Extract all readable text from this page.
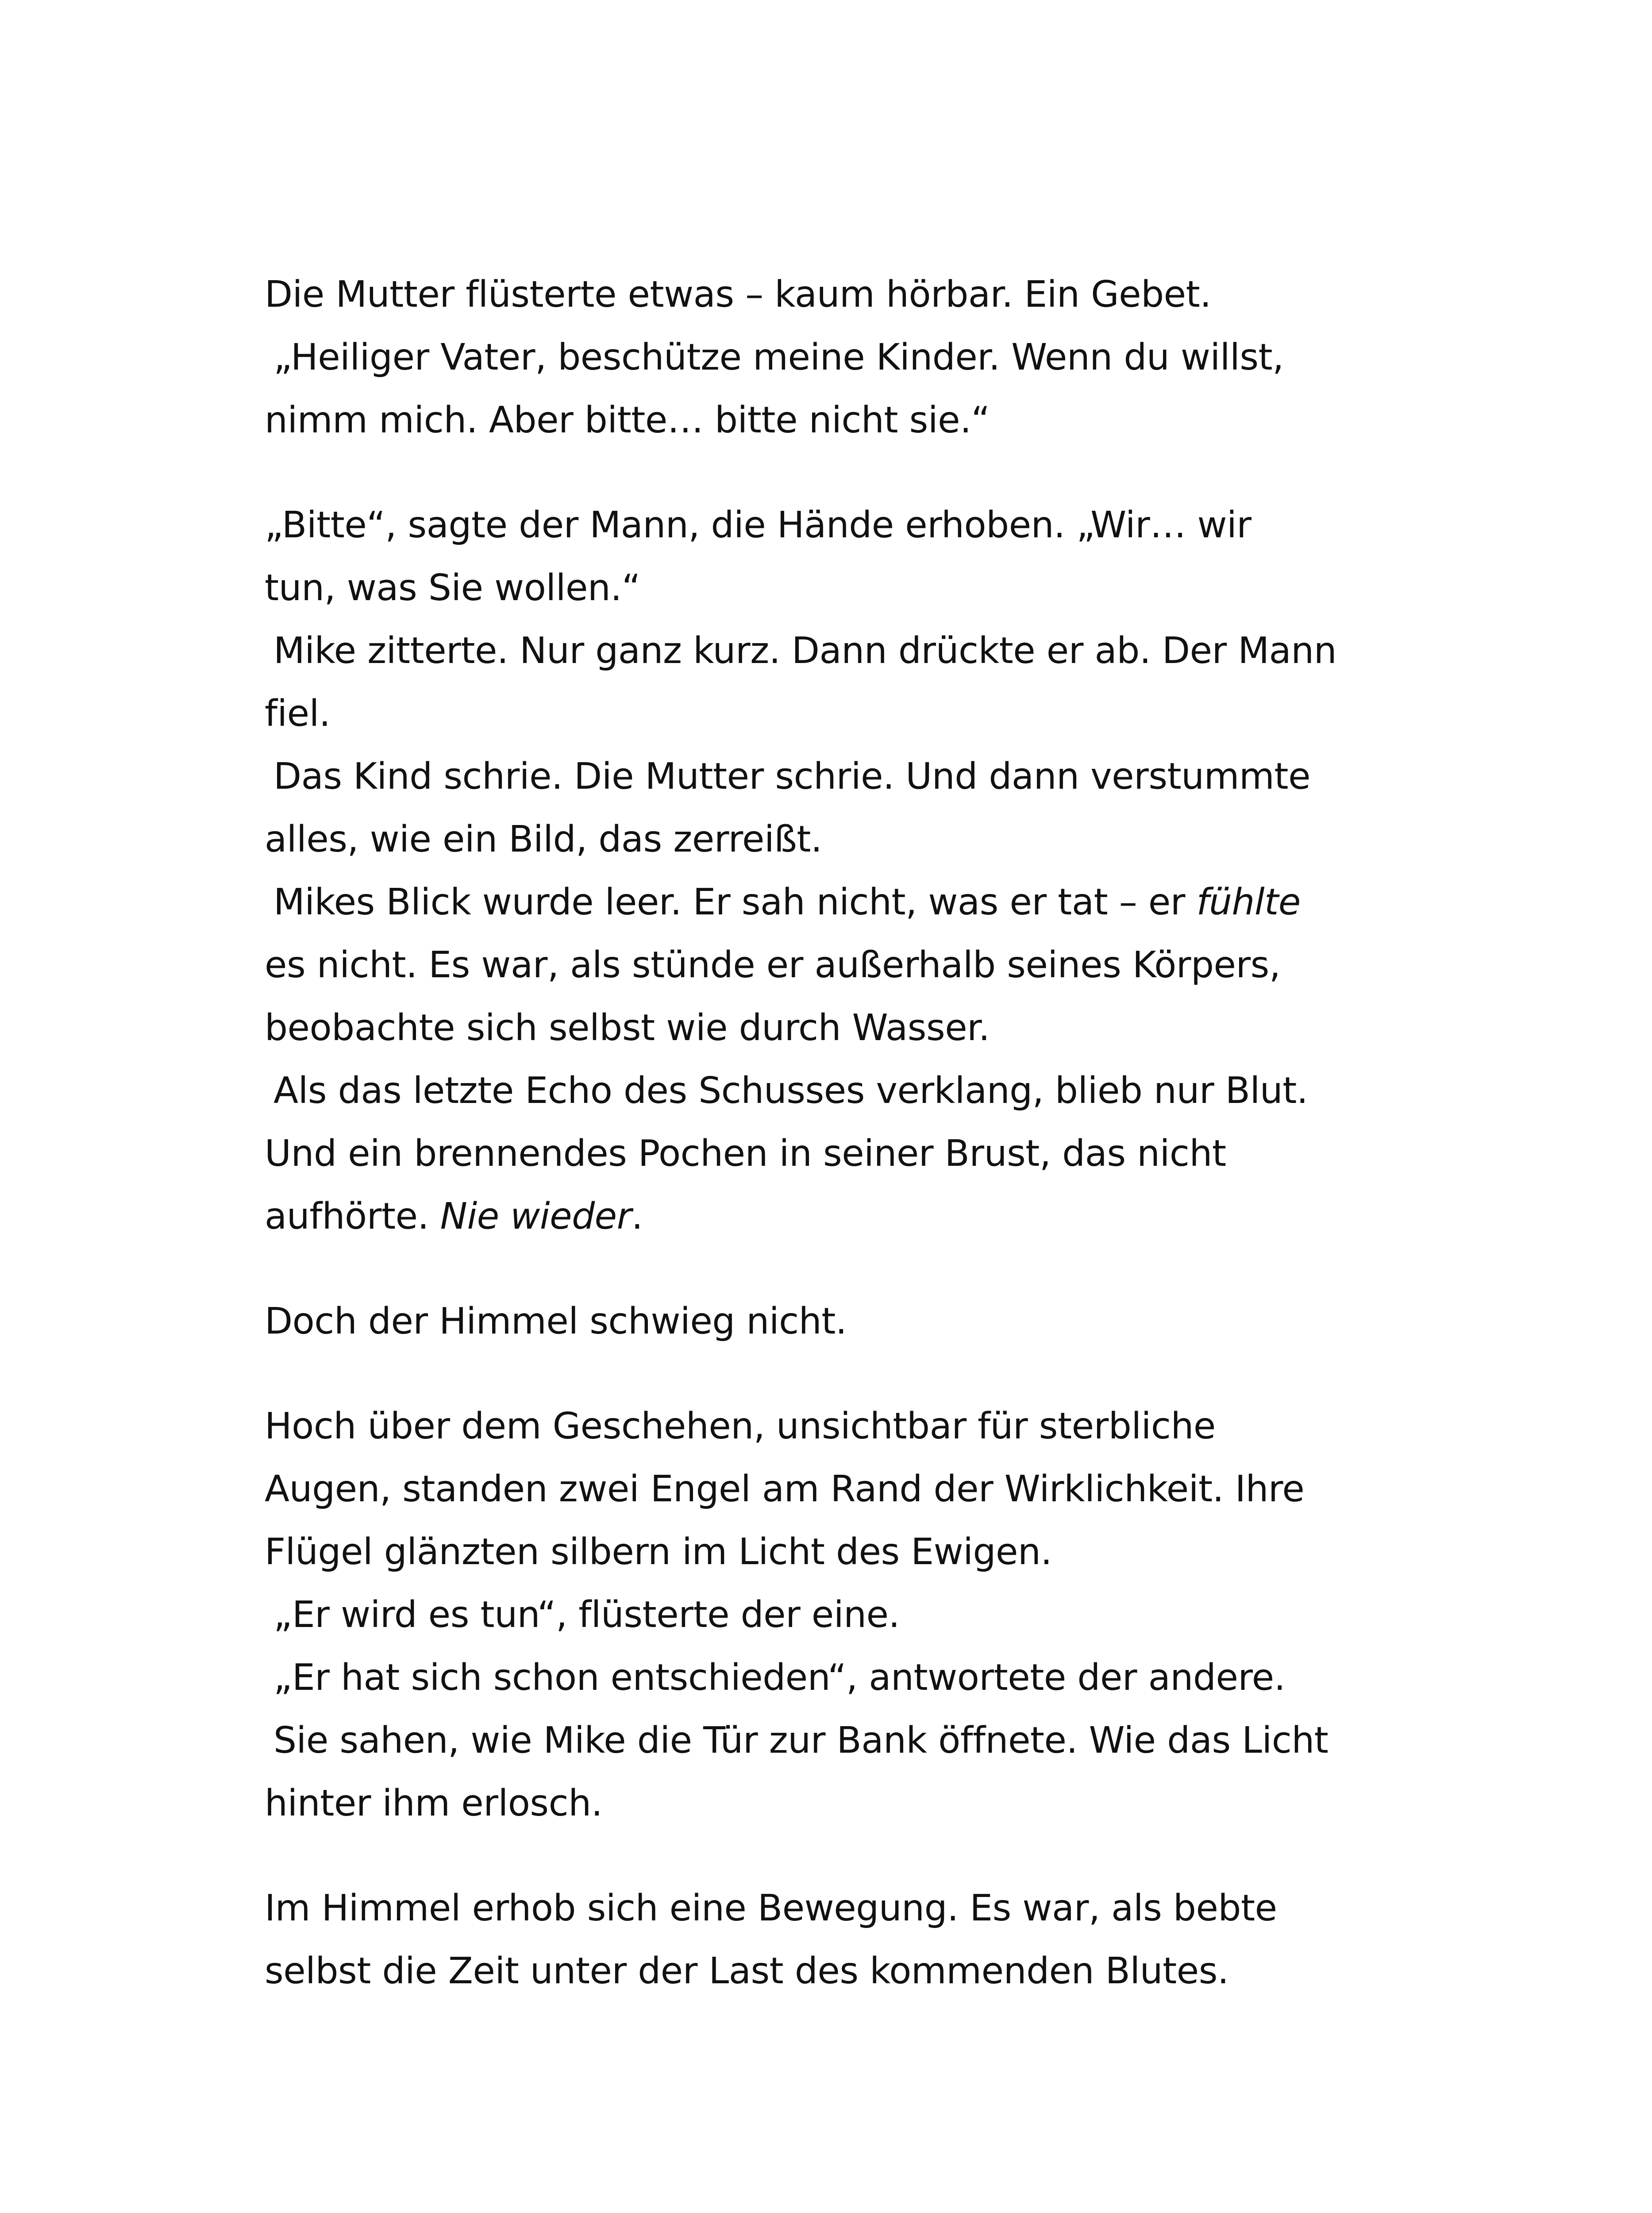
Die Mutter flüsterte etwas – kaum hörbar. Ein Gebet.
„Heiliger Vater, beschütze meine Kinder. Wenn du willst,
nimm mich. Aber bitte… bitte nicht sie.“
„Bitte“, sagte der Mann, die Hände erhoben. „Wir… wir
tun, was Sie wollen.“
Mike zitterte. Nur ganz kurz. Dann drückte er ab. Der Mann
fiel.
Das Kind schrie. Die Mutter schrie. Und dann verstummte
alles, wie ein Bild, das zerreißt.
Mikes Blick wurde leer. Er sah nicht, was er tat – er fühlte
es nicht. Es war, als stünde er außerhalb seines Körpers,
beobachte sich selbst wie durch Wasser.
Als das letzte Echo des Schusses verklang, blieb nur Blut.
Und ein brennendes Pochen in seiner Brust, das nicht
aufhörte. Nie wieder.
Doch der Himmel schwieg nicht.
Hoch über dem Geschehen, unsichtbar für sterbliche
Augen, standen zwei Engel am Rand der Wirklichkeit. Ihre
Flügel glänzten silbern im Licht des Ewigen.
„Er wird es tun“, flüsterte der eine.
„Er hat sich schon entschieden“, antwortete der andere.
Sie sahen, wie Mike die Tür zur Bank öffnete. Wie das Licht
hinter ihm erlosch.
Im Himmel erhob sich eine Bewegung. Es war, als bebte
selbst die Zeit unter der Last des kommenden Blutes.
